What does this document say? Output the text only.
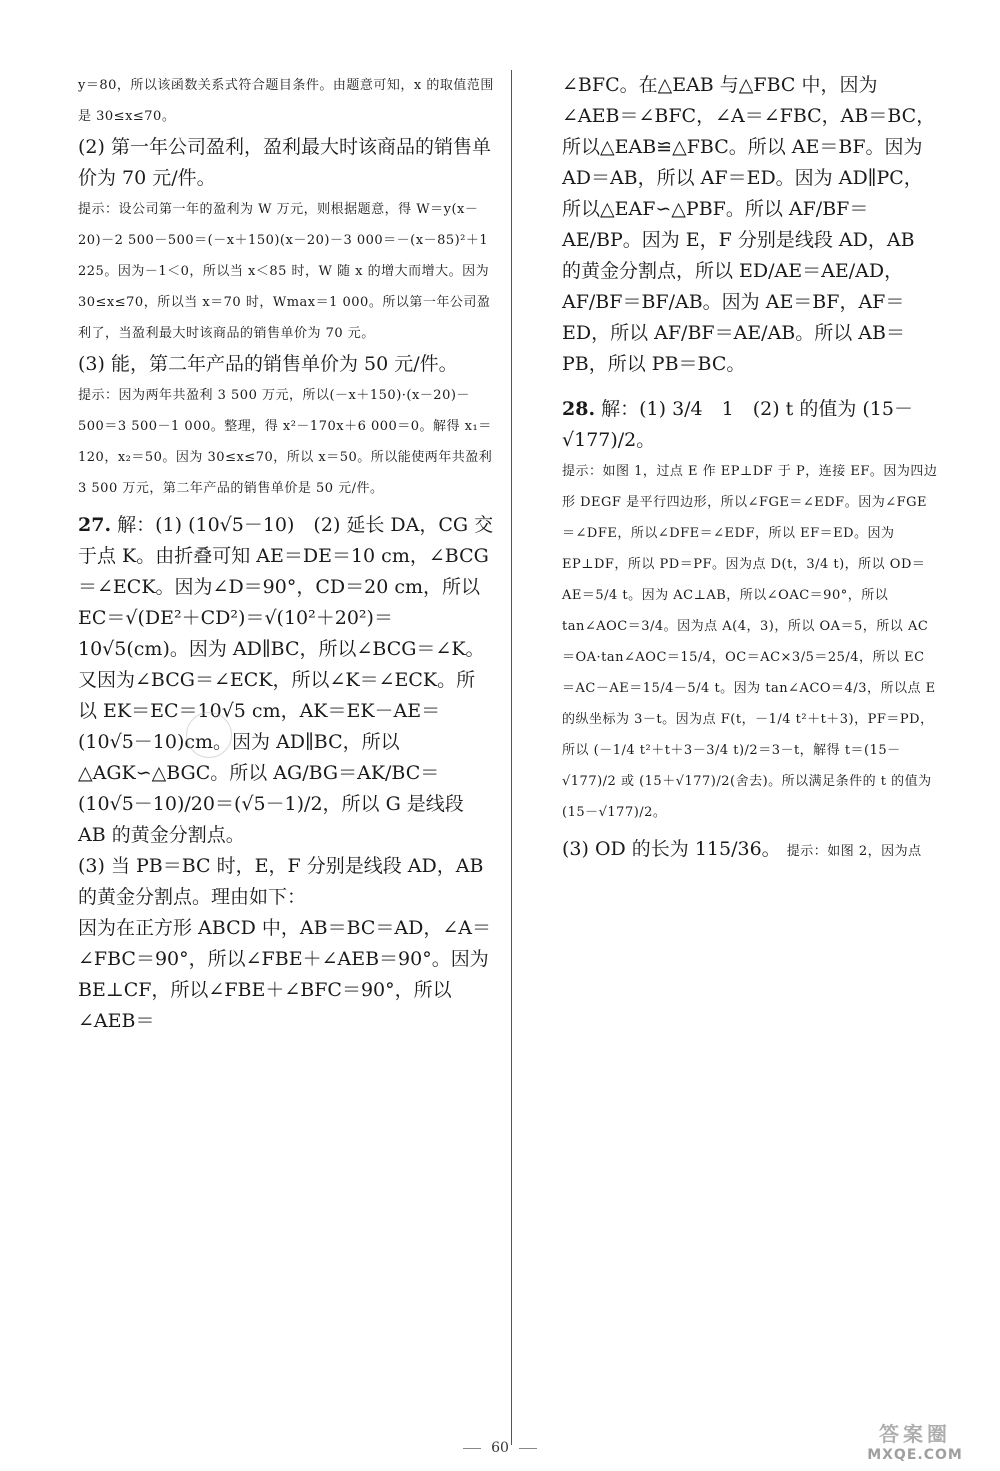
y＝80，所以该函数关系式符合题目条件。由题意可知，x 的取值范围是 30≤x≤70。

(2) 第一年公司盈利，盈利最大时该商品的销售单价为 70 元/件。

提示：设公司第一年的盈利为 W 万元，则根据题意，得 W＝y(x－20)－2 500－500＝(－x＋150)(x－20)－3 000＝－(x－85)²＋1 225。因为－1＜0，所以当 x＜85 时，W 随 x 的增大而增大。因为 30≤x≤70，所以当 x＝70 时，Wmax＝1 000。所以第一年公司盈利了，当盈利最大时该商品的销售单价为 70 元。

(3) 能，第二年产品的销售单价为 50 元/件。

提示：因为两年共盈利 3 500 万元，所以(－x＋150)·(x－20)－500＝3 500－1 000。整理，得 x²－170x＋6 000＝0。解得 x₁＝120，x₂＝50。因为 30≤x≤70，所以 x＝50。所以能使两年共盈利 3 500 万元，第二年产品的销售单价是 50 元/件。

27. 解：(1) (10√5－10)　(2) 延长 DA，CG 交于点 K。由折叠可知 AE＝DE＝10 cm，∠BCG＝∠ECK。因为∠D＝90°，CD＝20 cm，所以 EC＝√(DE²＋CD²)＝√(10²＋20²)＝10√5(cm)。因为 AD∥BC，所以∠BCG＝∠K。又因为∠BCG＝∠ECK，所以∠K＝∠ECK。所以 EK＝EC＝10√5 cm，AK＝EK－AE＝(10√5－10)cm。因为 AD∥BC，所以△AGK∽△BGC。所以 AG/BG＝AK/BC＝(10√5－10)/20＝(√5－1)/2，所以 G 是线段 AB 的黄金分割点。

(3) 当 PB＝BC 时，E，F 分别是线段 AD，AB 的黄金分割点。理由如下：

因为在正方形 ABCD 中，AB＝BC＝AD，∠A＝∠FBC＝90°，所以∠FBE＋∠AEB＝90°。因为 BE⊥CF，所以∠FBE＋∠BFC＝90°，所以∠AEB＝

∠BFC。在△EAB 与△FBC 中，因为 ∠AEB＝∠BFC，∠A＝∠FBC，AB＝BC，所以△EAB≌△FBC。所以 AE＝BF。因为 AD＝AB，所以 AF＝ED。因为 AD∥PC，所以△EAF∽△PBF。所以 AF/BF＝AE/BP。因为 E，F 分别是线段 AD，AB 的黄金分割点，所以 ED/AE＝AE/AD，AF/BF＝BF/AB。因为 AE＝BF，AF＝ED，所以 AF/BF＝AE/AB。所以 AB＝PB，所以 PB＝BC。

28. 解：(1) 3/4　1　(2) t 的值为 (15－√177)/2。

提示：如图 1，过点 E 作 EP⊥DF 于 P，连接 EF。因为四边形 DEGF 是平行四边形，所以∠FGE＝∠EDF。因为∠FGE＝∠DFE，所以∠DFE＝∠EDF，所以 EF＝ED。因为 EP⊥DF，所以 PD＝PF。因为点 D(t，3/4 t)，所以 OD＝AE＝5/4 t。因为 AC⊥AB，所以∠OAC＝90°，所以 tan∠AOC＝3/4。因为点 A(4，3)，所以 OA＝5，所以 AC＝OA·tan∠AOC＝15/4，OC＝AC×3/5＝25/4，所以 EC＝AC－AE＝15/4－5/4 t。因为 tan∠ACO＝4/3，所以点 E 的纵坐标为 3－t。因为点 F(t，－1/4 t²＋t＋3)，PF＝PD，所以 (－1/4 t²＋t＋3－3/4 t)/2＝3－t，解得 t＝(15－√177)/2 或 (15＋√177)/2(舍去)。所以满足条件的 t 的值为 (15－√177)/2。

(3) OD 的长为 115/36。 提示：如图 2，因为点

60
答案圈
MXQE.COM
